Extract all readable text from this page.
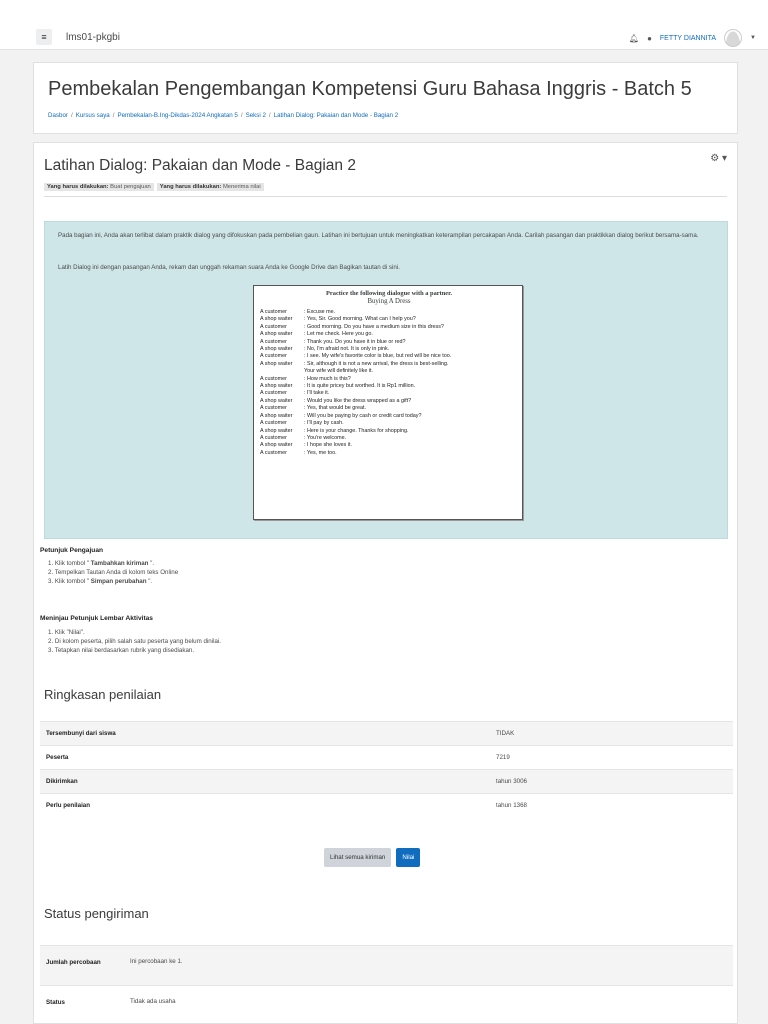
≡ lms01-pkgbi	🔔︎ ● FETTY DIANNITA	▼
Pembekalan Pengembangan Kompetensi Guru Bahasa Inggris - Batch 5
Dasbor / Kursus saya / Pembekalan-B.Ing-Dikdas-2024 Angkatan 5 / Seksi 2 / Latihan Dialog: Pakaian dan Mode - Bagian 2
Latihan Dialog: Pakaian dan Mode - Bagian 2	⚙ ▾
Yang harus dilakukan: Buat pengajuan	Yang harus dilakukan: Menerima nilai

Pada bagian ini, Anda akan terlibat dalam praktik dialog yang difokuskan pada pembelian gaun. Latihan ini bertujuan untuk meningkatkan keterampilan percakapan Anda. Carilah pasangan dan praktikkan dialog berikut bersama-sama.

Latih Dialog ini dengan pasangan Anda, rekam dan unggah rekaman suara Anda ke Google Drive dan Bagikan tautan di sini.

Practice the following dialogue with a partner.
Buying A Dress
A customer	: Excuse me.
A shop waiter	: Yes, Sir. Good morning. What can I help you?
A customer	: Good morning. Do you have a medium size in this dress?
A shop waiter	: Let me check. Here you go.
A customer	: Thank you. Do you have it in blue or red?
A shop waiter	: No, I'm afraid not. It is only in pink.
A customer	: I see. My wife's favorite color is blue, but red will be nice too.
A shop waiter	: Sir, although it is not a new arrival, the dress is best-selling.
Your wife will definitely like it.
A customer	: How much is this?
A shop waiter	: It is quite pricey but worthed. It is Rp1 million.
A customer	: I'll take it.
A shop waiter	: Would you like the dress wrapped as a gift?
A customer	: Yes, that would be great.
A shop waiter	: Will you be paying by cash or credit card today?
A customer	: I'll pay by cash.
A shop waiter	: Here is your change. Thanks for shopping.
A customer	: You're welcome.
A shop waiter	: I hope she loves it.
A customer	: Yes, me too.
Petunjuk Pengajuan
1. Klik tombol " Tambahkan kiriman ".
2. Tempelkan Tautan Anda di kolom teks Online
3. Klik tombol " Simpan perubahan ".
Meninjau Petunjuk Lembar Aktivitas
1. Klik "Nilai".
2. Di kolom peserta, pilih salah satu peserta yang belum dinilai.
3. Tetapkan nilai berdasarkan rubrik yang disediakan.
Ringkasan penilaian
Tersembunyi dari siswa	TIDAK
Peserta	7219
Dikirimkan	tahun 3006
Perlu penilaian	tahun 1368
Lihat semua kiriman	Nilai
Status pengiriman
Jumlah percobaan	Ini percobaan ke 1.
Status	Tidak ada usaha
